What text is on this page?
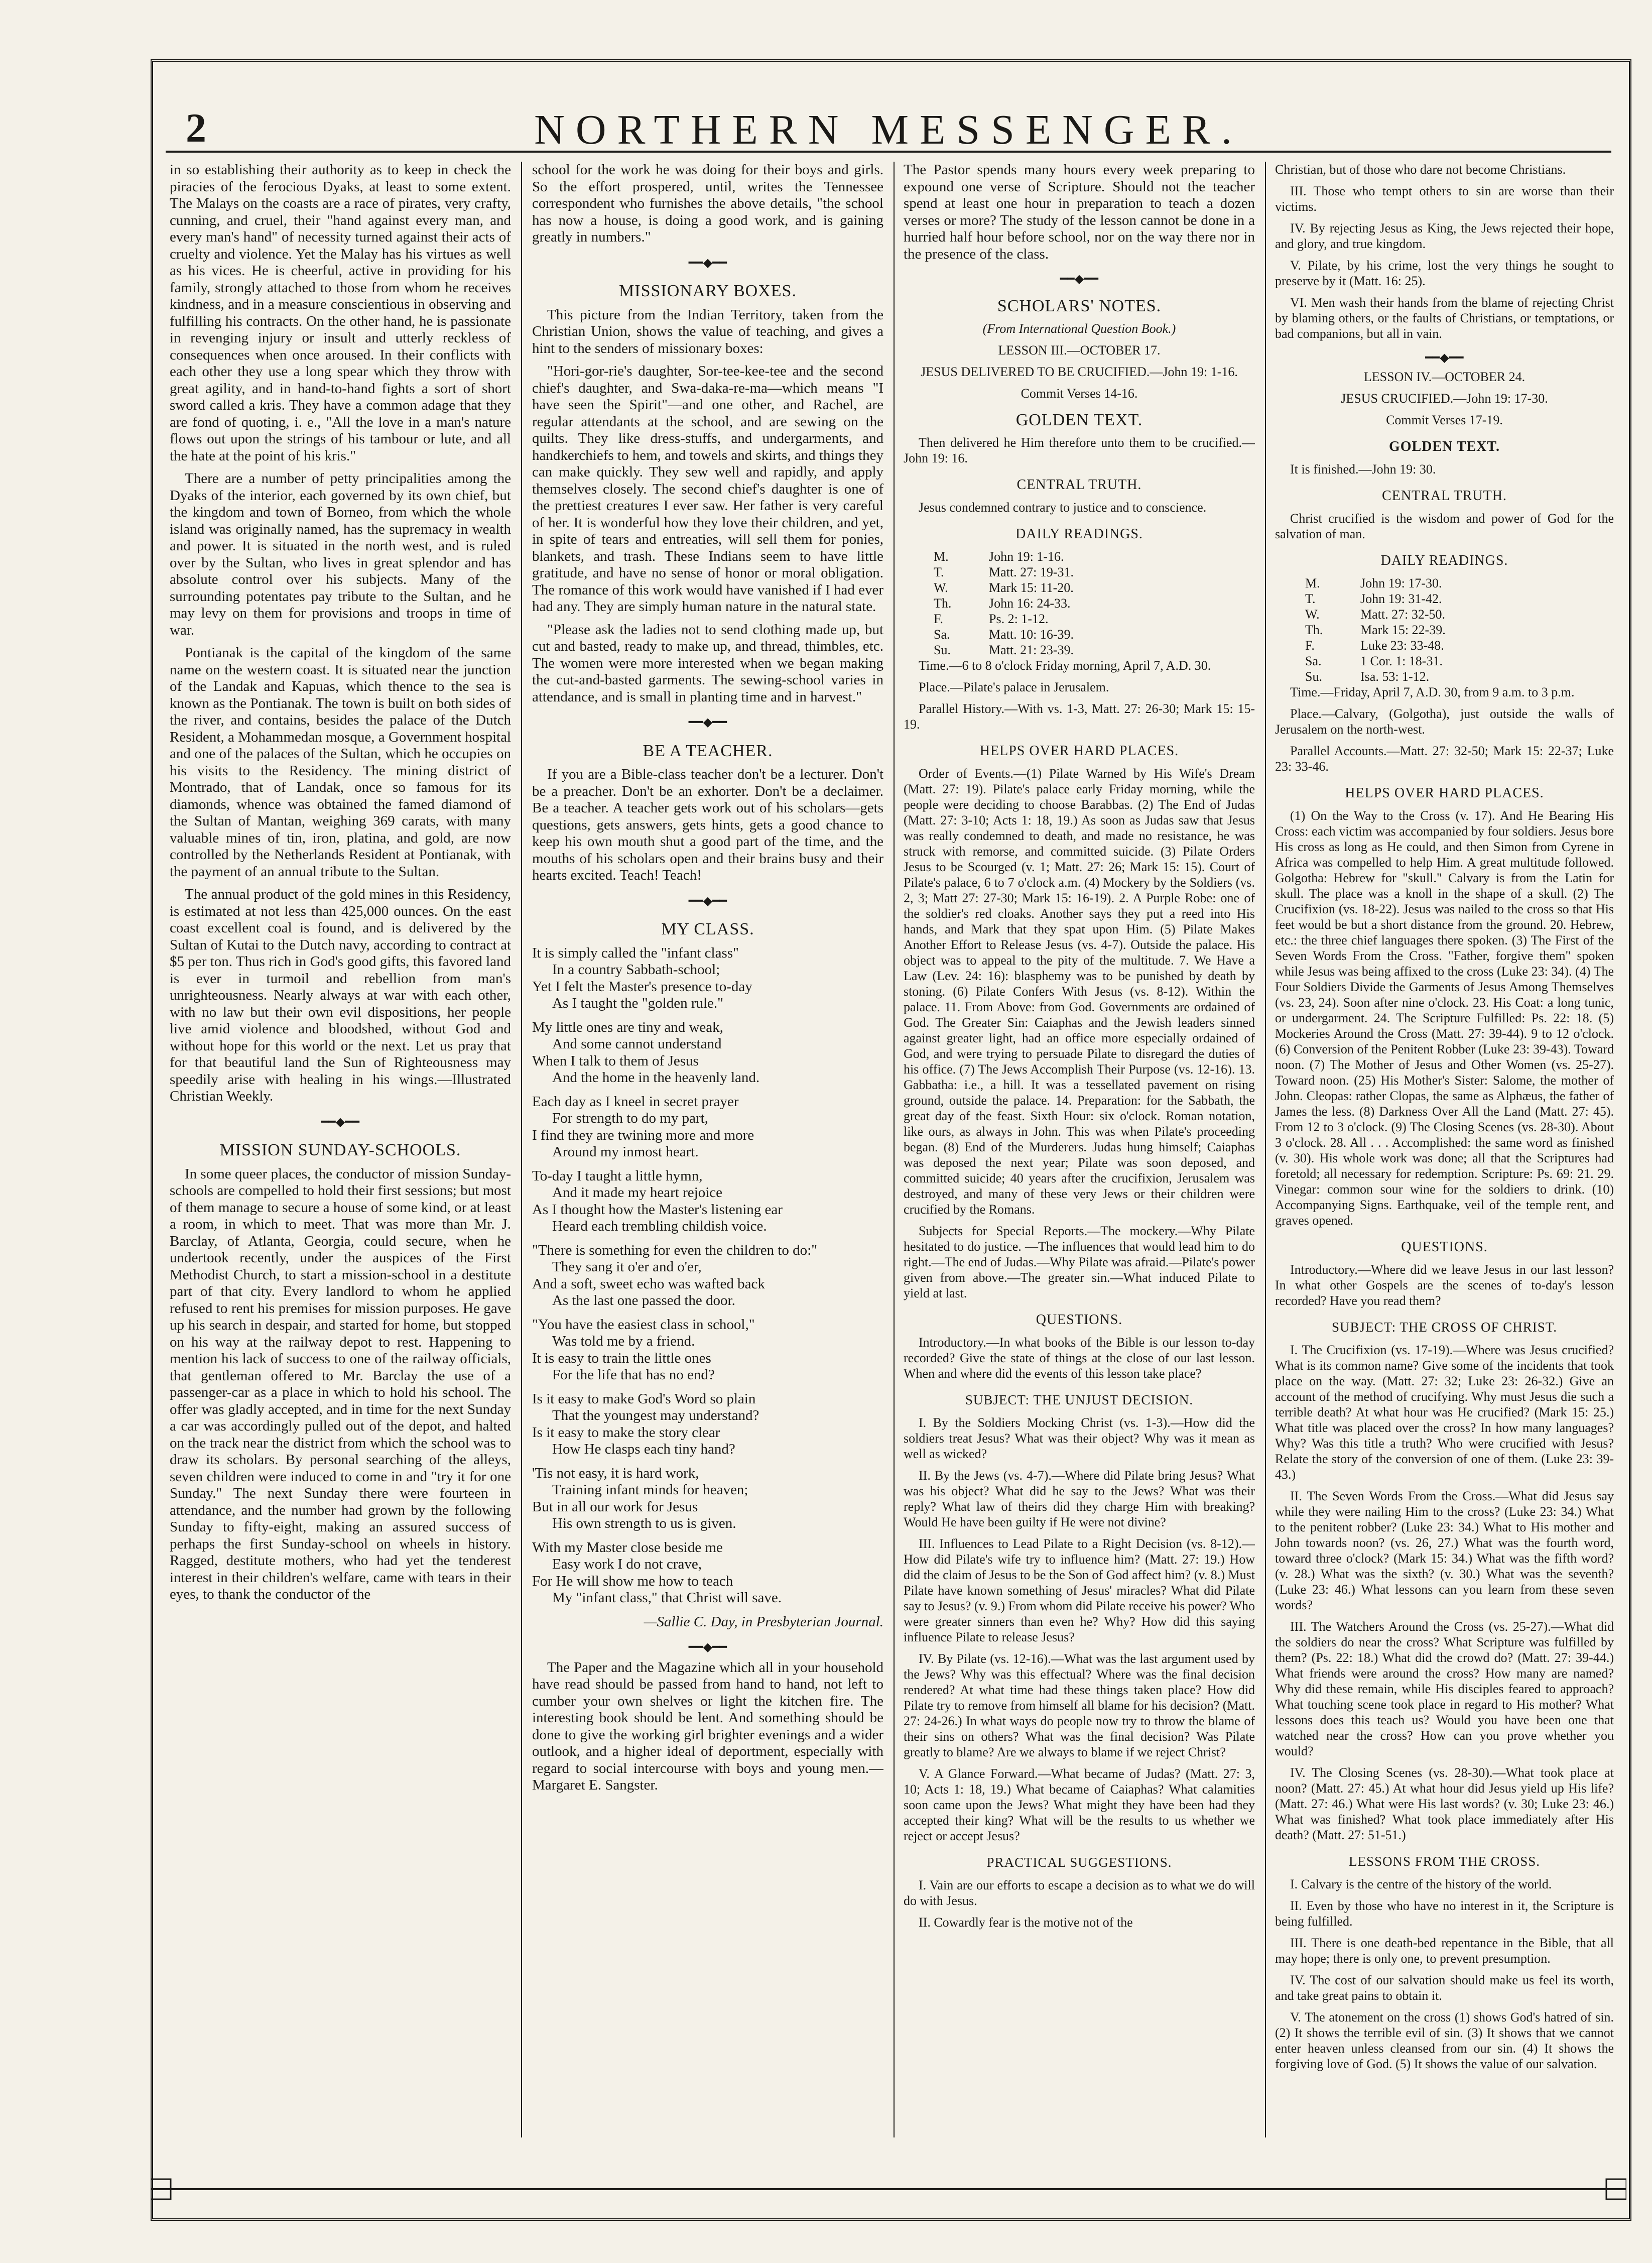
2	NORTHERN MESSENGER.

in so establishing their authority as to keep in check the piracies of the ferocious Dyaks, at least to some extent. The Malays on the coasts are a race of pirates, very crafty, cunning, and cruel, their "hand against every man, and every man's hand" of necessity turned against their acts of cruelty and violence. Yet the Malay has his virtues as well as his vices. He is cheerful, active in providing for his family, strongly attached to those from whom he receives kindness, and in a measure conscientious in observing and fulfilling his contracts. On the other hand, he is passionate in revenging injury or insult and utterly reckless of consequences when once aroused. In their conflicts with each other they use a long spear which they throw with great agility, and in hand-to-hand fights a sort of short sword called a kris. They have a common adage that they are fond of quoting, i. e., "All the love in a man's nature flows out upon the strings of his tambour or lute, and all the hate at the point of his kris."

There are a number of petty principalities among the Dyaks of the interior, each governed by its own chief, but the kingdom and town of Borneo, from which the whole island was originally named, has the supremacy in wealth and power. It is situated in the north west, and is ruled over by the Sultan, who lives in great splendor and has absolute control over his subjects. Many of the surrounding potentates pay tribute to the Sultan, and he may levy on them for provisions and troops in time of war.

Pontianak is the capital of the kingdom of the same name on the western coast. It is situated near the junction of the Landak and Kapuas, which thence to the sea is known as the Pontianak. The town is built on both sides of the river, and contains, besides the palace of the Dutch Resident, a Mohammedan mosque, a Government hospital and one of the palaces of the Sultan, which he occupies on his visits to the Residency. The mining district of Montrado, that of Landak, once so famous for its diamonds, whence was obtained the famed diamond of the Sultan of Mantan, weighing 369 carats, with many valuable mines of tin, iron, platina, and gold, are now controlled by the Netherlands Resident at Pontianak, with the payment of an annual tribute to the Sultan.

The annual product of the gold mines in this Residency, is estimated at not less than 425,000 ounces. On the east coast excellent coal is found, and is delivered by the Sultan of Kutai to the Dutch navy, according to contract at $5 per ton. Thus rich in God's good gifts, this favored land is ever in turmoil and rebellion from man's unrighteousness. Nearly always at war with each other, with no law but their own evil dispositions, her people live amid violence and bloodshed, without God and without hope for this world or the next. Let us pray that for that beautiful land the Sun of Righteousness may speedily arise with healing in his wings.—Illustrated Christian Weekly.

━━◆━━
MISSION SUNDAY-SCHOOLS.

In some queer places, the conductor of mission Sunday-schools are compelled to hold their first sessions; but most of them manage to secure a house of some kind, or at least a room, in which to meet. That was more than Mr. J. Barclay, of Atlanta, Georgia, could secure, when he undertook recently, under the auspices of the First Methodist Church, to start a mission-school in a destitute part of that city. Every landlord to whom he applied refused to rent his premises for mission purposes. He gave up his search in despair, and started for home, but stopped on his way at the railway depot to rest. Happening to mention his lack of success to one of the railway officials, that gentleman offered to Mr. Barclay the use of a passenger-car as a place in which to hold his school. The offer was gladly accepted, and in time for the next Sunday a car was accordingly pulled out of the depot, and halted on the track near the district from which the school was to draw its scholars. By personal searching of the alleys, seven children were induced to come in and "try it for one Sunday." The next Sunday there were fourteen in attendance, and the number had grown by the following Sunday to fifty-eight, making an assured success of perhaps the first Sunday-school on wheels in history. Ragged, destitute mothers, who had yet the tenderest interest in their children's welfare, came with tears in their eyes, to thank the conductor of the

school for the work he was doing for their boys and girls. So the effort prospered, until, writes the Tennessee correspondent who furnishes the above details, "the school has now a house, is doing a good work, and is gaining greatly in numbers."

━━◆━━
MISSIONARY BOXES.

This picture from the Indian Territory, taken from the Christian Union, shows the value of teaching, and gives a hint to the senders of missionary boxes:

"Hori-gor-rie's daughter, Sor-tee-kee-tee and the second chief's daughter, and Swa-daka-re-ma—which means "I have seen the Spirit"—and one other, and Rachel, are regular attendants at the school, and are sewing on the quilts. They like dress-stuffs, and undergarments, and handkerchiefs to hem, and towels and skirts, and things they can make quickly. They sew well and rapidly, and apply themselves closely. The second chief's daughter is one of the prettiest creatures I ever saw. Her father is very careful of her. It is wonderful how they love their children, and yet, in spite of tears and entreaties, will sell them for ponies, blankets, and trash. These Indians seem to have little gratitude, and have no sense of honor or moral obligation. The romance of this work would have vanished if I had ever had any. They are simply human nature in the natural state.

"Please ask the ladies not to send clothing made up, but cut and basted, ready to make up, and thread, thimbles, etc. The women were more interested when we began making the cut-and-basted garments. The sewing-school varies in attendance, and is small in planting time and in harvest."

━━◆━━
BE A TEACHER.

If you are a Bible-class teacher don't be a lecturer. Don't be a preacher. Don't be an exhorter. Don't be a declaimer. Be a teacher. A teacher gets work out of his scholars—gets questions, gets answers, gets hints, gets a good chance to keep his own mouth shut a good part of the time, and the mouths of his scholars open and their brains busy and their hearts excited. Teach! Teach!

━━◆━━
MY CLASS.
It is simply called the "infant class"
In a country Sabbath-school;
Yet I felt the Master's presence to-day
As I taught the "golden rule."
My little ones are tiny and weak,
And some cannot understand
When I talk to them of Jesus
And the home in the heavenly land.
Each day as I kneel in secret prayer
For strength to do my part,
I find they are twining more and more
Around my inmost heart.
To-day I taught a little hymn,
And it made my heart rejoice
As I thought how the Master's listening ear
Heard each trembling childish voice.
"There is something for even the children to do:"
They sang it o'er and o'er,
And a soft, sweet echo was wafted back
As the last one passed the door.
"You have the easiest class in school,"
Was told me by a friend.
It is easy to train the little ones
For the life that has no end?
Is it easy to make God's Word so plain
That the youngest may understand?
Is it easy to make the story clear
How He clasps each tiny hand?
'Tis not easy, it is hard work,
Training infant minds for heaven;
But in all our work for Jesus
His own strength to us is given.
With my Master close beside me
Easy work I do not crave,
For He will show me how to teach
My "infant class," that Christ will save.
—Sallie C. Day, in Presbyterian Journal.
━━◆━━

The Paper and the Magazine which all in your household have read should be passed from hand to hand, not left to cumber your own shelves or light the kitchen fire. The interesting book should be lent. And something should be done to give the working girl brighter evenings and a wider outlook, and a higher ideal of deportment, especially with regard to social intercourse with boys and young men.—Margaret E. Sangster.

The Pastor spends many hours every week preparing to expound one verse of Scripture. Should not the teacher spend at least one hour in preparation to teach a dozen verses or more? The study of the lesson cannot be done in a hurried half hour before school, nor on the way there nor in the presence of the class.

━━◆━━
SCHOLARS' NOTES.

(From International Question Book.)

LESSON III.—OCTOBER 17.

JESUS DELIVERED TO BE CRUCIFIED.—John 19: 1-16.

Commit Verses 14-16.

GOLDEN TEXT.

Then delivered he Him therefore unto them to be crucified.—John 19: 16.

CENTRAL TRUTH.

Jesus condemned contrary to justice and to conscience.

DAILY READINGS.
M.	John 19: 1-16.
T.	Matt. 27: 19-31.
W.	Mark 15: 11-20.
Th.	John 16: 24-33.
F.	Ps. 2: 1-12.
Sa.	Matt. 10: 16-39.
Su.	Matt. 21: 23-39.

Time.—6 to 8 o'clock Friday morning, April 7, A.D. 30.

Place.—Pilate's palace in Jerusalem.

Parallel History.—With vs. 1-3, Matt. 27: 26-30; Mark 15: 15-19.

HELPS OVER HARD PLACES.

Order of Events.—(1) Pilate Warned by His Wife's Dream (Matt. 27: 19). Pilate's palace early Friday morning, while the people were deciding to choose Barabbas. (2) The End of Judas (Matt. 27: 3-10; Acts 1: 18, 19.) As soon as Judas saw that Jesus was really condemned to death, and made no resistance, he was struck with remorse, and committed suicide. (3) Pilate Orders Jesus to be Scourged (v. 1; Matt. 27: 26; Mark 15: 15). Court of Pilate's palace, 6 to 7 o'clock a.m. (4) Mockery by the Soldiers (vs. 2, 3; Matt 27: 27-30; Mark 15: 16-19). 2. A Purple Robe: one of the soldier's red cloaks. Another says they put a reed into His hands, and Mark that they spat upon Him. (5) Pilate Makes Another Effort to Release Jesus (vs. 4-7). Outside the palace. His object was to appeal to the pity of the multitude. 7. We Have a Law (Lev. 24: 16): blasphemy was to be punished by death by stoning. (6) Pilate Confers With Jesus (vs. 8-12). Within the palace. 11. From Above: from God. Governments are ordained of God. The Greater Sin: Caiaphas and the Jewish leaders sinned against greater light, had an office more especially ordained of God, and were trying to persuade Pilate to disregard the duties of his office. (7) The Jews Accomplish Their Purpose (vs. 12-16). 13. Gabbatha: i.e., a hill. It was a tessellated pavement on rising ground, outside the palace. 14. Preparation: for the Sabbath, the great day of the feast. Sixth Hour: six o'clock. Roman notation, like ours, as always in John. This was when Pilate's proceeding began. (8) End of the Murderers. Judas hung himself; Caiaphas was deposed the next year; Pilate was soon deposed, and committed suicide; 40 years after the crucifixion, Jerusalem was destroyed, and many of these very Jews or their children were crucified by the Romans.

Subjects for Special Reports.—The mockery.—Why Pilate hesitated to do justice. —The influences that would lead him to do right.—The end of Judas.—Why Pilate was afraid.—Pilate's power given from above.—The greater sin.—What induced Pilate to yield at last.

QUESTIONS.

Introductory.—In what books of the Bible is our lesson to-day recorded? Give the state of things at the close of our last lesson. When and where did the events of this lesson take place?

SUBJECT: THE UNJUST DECISION.

I. By the Soldiers Mocking Christ (vs. 1-3).—How did the soldiers treat Jesus? What was their object? Why was it mean as well as wicked?

II. By the Jews (vs. 4-7).—Where did Pilate bring Jesus? What was his object? What did he say to the Jews? What was their reply? What law of theirs did they charge Him with breaking? Would He have been guilty if He were not divine?

III. Influences to Lead Pilate to a Right Decision (vs. 8-12).—How did Pilate's wife try to influence him? (Matt. 27: 19.) How did the claim of Jesus to be the Son of God affect him? (v. 8.) Must Pilate have known something of Jesus' miracles? What did Pilate say to Jesus? (v. 9.) From whom did Pilate receive his power? Who were greater sinners than even he? Why? How did this saying influence Pilate to release Jesus?

IV. By Pilate (vs. 12-16).—What was the last argument used by the Jews? Why was this effectual? Where was the final decision rendered? At what time had these things taken place? How did Pilate try to remove from himself all blame for his decision? (Matt. 27: 24-26.) In what ways do people now try to throw the blame of their sins on others? What was the final decision? Was Pilate greatly to blame? Are we always to blame if we reject Christ?

V. A Glance Forward.—What became of Judas? (Matt. 27: 3, 10; Acts 1: 18, 19.) What became of Caiaphas? What calamities soon came upon the Jews? What might they have been had they accepted their king? What will be the results to us whether we reject or accept Jesus?

PRACTICAL SUGGESTIONS.

I. Vain are our efforts to escape a decision as to what we do will do with Jesus.

II. Cowardly fear is the motive not of the

Christian, but of those who dare not become Christians.

III. Those who tempt others to sin are worse than their victims.

IV. By rejecting Jesus as King, the Jews rejected their hope, and glory, and true kingdom.

V. Pilate, by his crime, lost the very things he sought to preserve by it (Matt. 16: 25).

VI. Men wash their hands from the blame of rejecting Christ by blaming others, or the faults of Christians, or temptations, or bad companions, but all in vain.

━━◆━━

LESSON IV.—OCTOBER 24.

JESUS CRUCIFIED.—John 19: 17-30.

Commit Verses 17-19.

GOLDEN TEXT.

It is finished.—John 19: 30.

CENTRAL TRUTH.

Christ crucified is the wisdom and power of God for the salvation of man.

DAILY READINGS.
M.	John 19: 17-30.
T.	John 19: 31-42.
W.	Matt. 27: 32-50.
Th.	Mark 15: 22-39.
F.	Luke 23: 33-48.
Sa.	1 Cor. 1: 18-31.
Su.	Isa. 53: 1-12.

Time.—Friday, April 7, A.D. 30, from 9 a.m. to 3 p.m.

Place.—Calvary, (Golgotha), just outside the walls of Jerusalem on the north-west.

Parallel Accounts.—Matt. 27: 32-50; Mark 15: 22-37; Luke 23: 33-46.

HELPS OVER HARD PLACES.

(1) On the Way to the Cross (v. 17). And He Bearing His Cross: each victim was accompanied by four soldiers. Jesus bore His cross as long as He could, and then Simon from Cyrene in Africa was compelled to help Him. A great multitude followed. Golgotha: Hebrew for "skull." Calvary is from the Latin for skull. The place was a knoll in the shape of a skull. (2) The Crucifixion (vs. 18-22). Jesus was nailed to the cross so that His feet would be but a short distance from the ground. 20. Hebrew, etc.: the three chief languages there spoken. (3) The First of the Seven Words From the Cross. "Father, forgive them" spoken while Jesus was being affixed to the cross (Luke 23: 34). (4) The Four Soldiers Divide the Garments of Jesus Among Themselves (vs. 23, 24). Soon after nine o'clock. 23. His Coat: a long tunic, or undergarment. 24. The Scripture Fulfilled: Ps. 22: 18. (5) Mockeries Around the Cross (Matt. 27: 39-44). 9 to 12 o'clock. (6) Conversion of the Penitent Robber (Luke 23: 39-43). Toward noon. (7) The Mother of Jesus and Other Women (vs. 25-27). Toward noon. (25) His Mother's Sister: Salome, the mother of John. Cleopas: rather Clopas, the same as Alphæus, the father of James the less. (8) Darkness Over All the Land (Matt. 27: 45). From 12 to 3 o'clock. (9) The Closing Scenes (vs. 28-30). About 3 o'clock. 28. All . . . Accomplished: the same word as finished (v. 30). His whole work was done; all that the Scriptures had foretold; all necessary for redemption. Scripture: Ps. 69: 21. 29. Vinegar: common sour wine for the soldiers to drink. (10) Accompanying Signs. Earthquake, veil of the temple rent, and graves opened.

QUESTIONS.

Introductory.—Where did we leave Jesus in our last lesson? In what other Gospels are the scenes of to-day's lesson recorded? Have you read them?

SUBJECT: THE CROSS OF CHRIST.

I. The Crucifixion (vs. 17-19).—Where was Jesus crucified? What is its common name? Give some of the incidents that took place on the way. (Matt. 27: 32; Luke 23: 26-32.) Give an account of the method of crucifying. Why must Jesus die such a terrible death? At what hour was He crucified? (Mark 15: 25.) What title was placed over the cross? In how many languages? Why? Was this title a truth? Who were crucified with Jesus? Relate the story of the conversion of one of them. (Luke 23: 39-43.)

II. The Seven Words From the Cross.—What did Jesus say while they were nailing Him to the cross? (Luke 23: 34.) What to the penitent robber? (Luke 23: 34.) What to His mother and John towards noon? (vs. 26, 27.) What was the fourth word, toward three o'clock? (Mark 15: 34.) What was the fifth word? (v. 28.) What was the sixth? (v. 30.) What was the seventh? (Luke 23: 46.) What lessons can you learn from these seven words?

III. The Watchers Around the Cross (vs. 25-27).—What did the soldiers do near the cross? What Scripture was fulfilled by them? (Ps. 22: 18.) What did the crowd do? (Matt. 27: 39-44.) What friends were around the cross? How many are named? Why did these remain, while His disciples feared to approach? What touching scene took place in regard to His mother? What lessons does this teach us? Would you have been one that watched near the cross? How can you prove whether you would?

IV. The Closing Scenes (vs. 28-30).—What took place at noon? (Matt. 27: 45.) At what hour did Jesus yield up His life? (Matt. 27: 46.) What were His last words? (v. 30; Luke 23: 46.) What was finished? What took place immediately after His death? (Matt. 27: 51-51.)

LESSONS FROM THE CROSS.

I. Calvary is the centre of the history of the world.

II. Even by those who have no interest in it, the Scripture is being fulfilled.

III. There is one death-bed repentance in the Bible, that all may hope; there is only one, to prevent presumption.

IV. The cost of our salvation should make us feel its worth, and take great pains to obtain it.

V. The atonement on the cross (1) shows God's hatred of sin. (2) It shows the terrible evil of sin. (3) It shows that we cannot enter heaven unless cleansed from our sin. (4) It shows the forgiving love of God. (5) It shows the value of our salvation.
